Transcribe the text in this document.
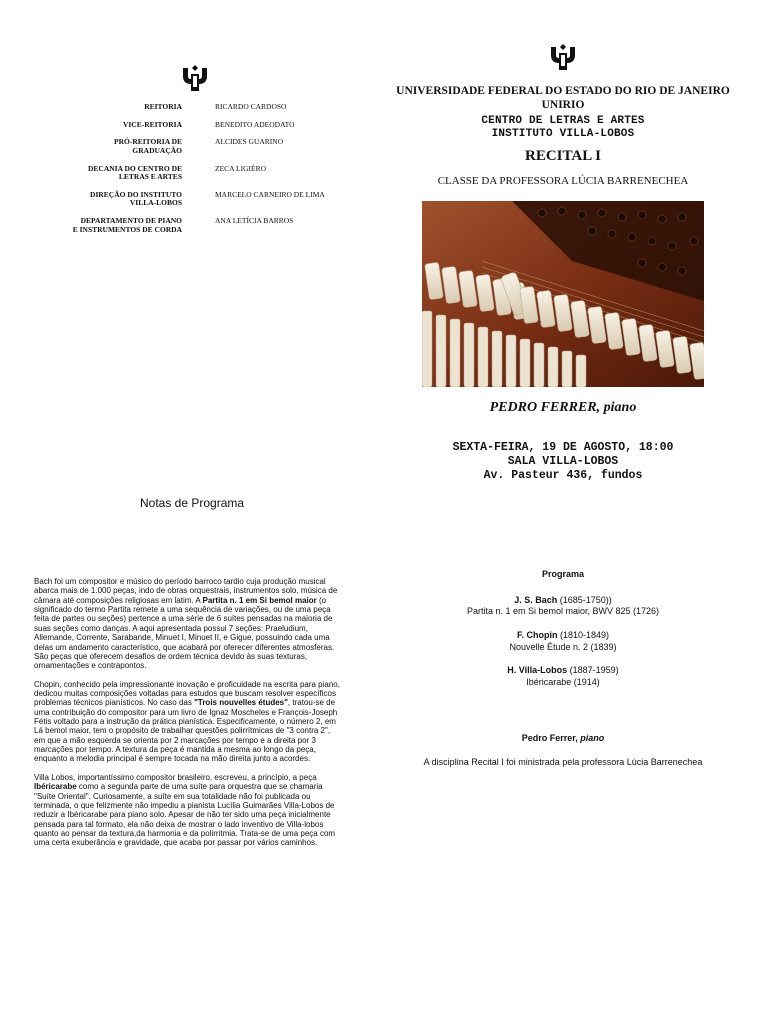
REITORIA	RICARDO CARDOSO
VICE-REITORIA	BENEDITO ADEODATO
PRÓ-REITORIA DE GRADUAÇÃO
ALCIDES GUARINO
DECANIA DO CENTRO DE
LETRAS E ARTES
ZECA LIGIÉRO
DIREÇÃO DO INSTITUTO
VILLA-LOBOS
MARCELO CARNEIRO DE LIMA
DEPARTAMENTO DE PIANO
E INSTRUMENTOS DE CORDA
ANA LETÍCIA BARROS
Notas de Programa

Bach foi um compositor e músico do período barroco tardio cuja produção musical abarca mais de 1.000 peças, indo de obras orquestrais, instrumentos solo, música de câmara até composições religiosas em latim. A Partita n. 1 em Si bemol maior (o significado do termo Partita remete a uma sequência de variações, ou de uma peça feita de partes ou seções) pertence a uma série de 6 suítes pensadas na maioria de suas seções como danças. A aqui apresentada possui 7 seções: Praeludium, Allemande, Corrente, Sarabande, Minuet I, Minuet II, e Gigue, possuindo cada uma delas um andamento característico, que acabará por oferecer diferentes atmosferas. São peças que oferecem desafios de ordem técnica devido às suas texturas, ornamentações e contrapontos.

Chopin, conhecido pela impressionante inovação e proficuidade na escrita para piano, dedicou muitas composições voltadas para estudos que buscam resolver específicos problemas técnicos pianísticos. No caso das "Trois nouvelles études", tratou-se de uma contribuição do compositor para um livro de Ignaz Moscheles e François-Joseph Fétis voltado para a instrução da prática pianística. Especificamente, o número 2, em Lá bemol maior, tem o propósito de trabalhar questões polirrítmicas de "3 contra 2", em que a mão esquerda se orienta por 2 marcações por tempo e a direita por 3 marcações por tempo. A textura da peça é mantida a mesma ao longo da peça, enquanto a melodia principal é sempre tocada na mão direita junto a acordes.

Villa Lobos, importantíssimo compositor brasileiro, escreveu, a princípio, a peça Ibéricarabe como a segunda parte de uma suíte para orquestra que se chamaria "Suíte Oriental". Curiosamente, a suíte em sua totalidade não foi publicada ou terminada, o que felizmente não impediu a pianista Lucília Guimarães Villa-Lobos de reduzir a Ibéricarabe para piano solo. Apesar de não ter sido uma peça inicialmente pensada para tal formato, ela não deixa de mostrar o lado inventivo de Villa-lobos quanto ao pensar da textura,da harmonia e da polirritmia. Trata-se de uma peça com uma certa exuberância e gravidade, que acaba por passar por vários caminhos.

UNIVERSIDADE FEDERAL DO ESTADO DO RIO DE JANEIRO
UNIRIO
CENTRO DE LETRAS E ARTES
INSTITUTO VILLA-LOBOS
RECITAL I
CLASSE DA PROFESSORA LÚCIA BARRENECHEA
PEDRO FERRER, piano
SEXTA-FEIRA, 19 DE AGOSTO, 18:00
SALA VILLA-LOBOS
Av. Pasteur 436, fundos
Programa
J. S. Bach (1685-1750))
Partita n. 1 em Si bemol maior, BWV 825 (1726)
F. Chopin (1810-1849)
Nouvelle Étude n. 2 (1839)
H. Villa-Lobos (1887-1959)
Ibéricarabe (1914)
Pedro Ferrer, piano
A disciplina Recital I foi ministrada pela professora Lúcia Barrenechea
